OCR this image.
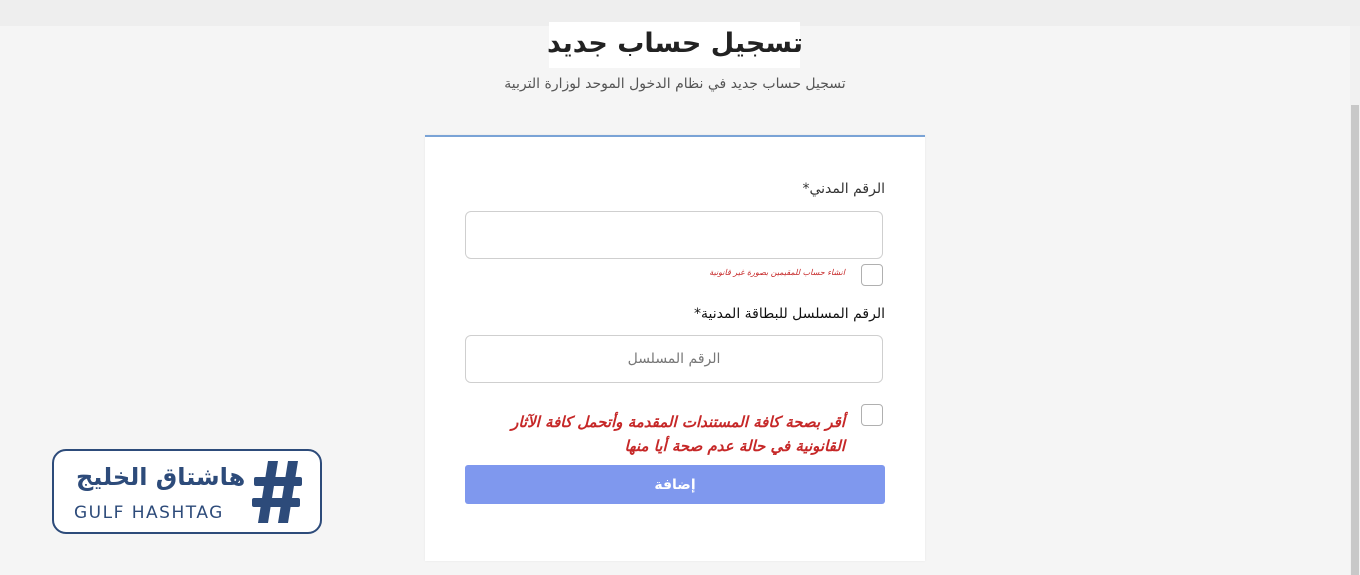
تسجيل حساب جديد
تسجيل حساب جديد في نظام الدخول الموحد لوزارة التربية
الرقم المدني*
انشاء حساب للمقيمين بصورة غير قانونية
الرقم المسلسل للبطاقة المدنية*
الرقم المسلسل
أقر بصحة كافة المستندات المقدمة وأتحمل كافة الآثار القانونية في حالة عدم صحة أيا منها
إضافة
هاشتاق الخليج
GULF HASHTAG
